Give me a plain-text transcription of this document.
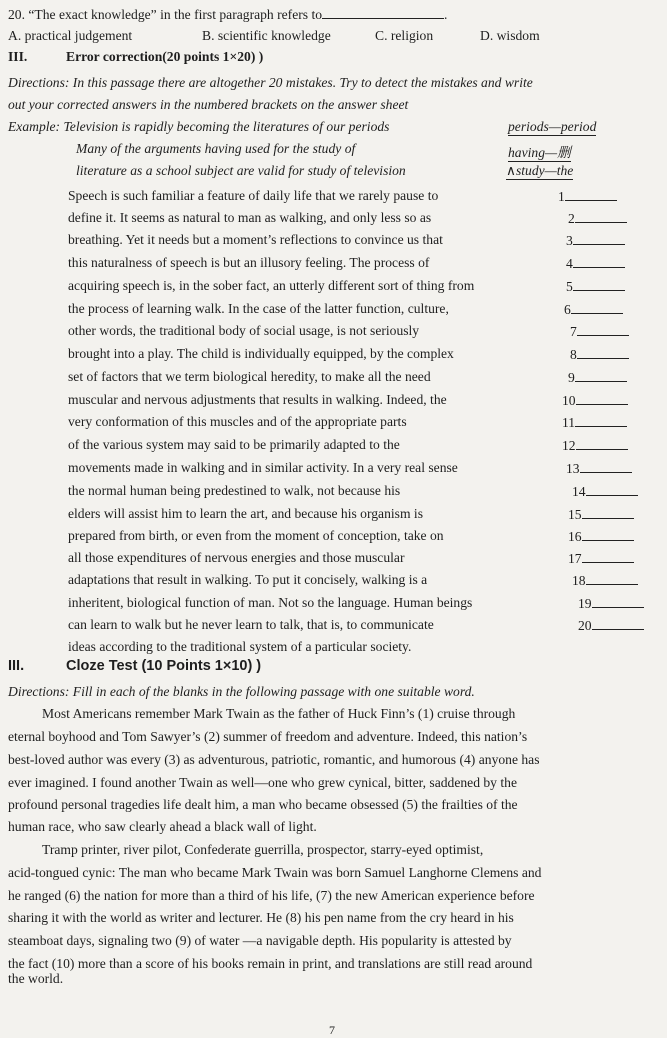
20. “The exact knowledge” in the first paragraph refers to	.
A. practical judgement	B. scientific knowledge	C. religion	D. wisdom
III.	Error correction(20 points 1×20) )
Directions: In this passage there are altogether 20 mistakes. Try to detect the mistakes and write
out your corrected answers in the numbered brackets on the answer sheet
Example: Television is rapidly becoming the literatures of our periods	periods—period
Many of the arguments having used for the study of	having—删
literature as a school subject are valid for study of television	∧study—the
Speech is such familiar a feature of daily life that we rarely pause to	1
define it. It seems as natural to man as walking, and only less so as	2
breathing. Yet it needs but a moment’s reflections to convince us that	3
this naturalness of speech is but an illusory feeling. The process of	4
acquiring speech is, in the sober fact, an utterly different sort of thing from	5
the process of learning walk. In the case of the latter function, culture,	6
other words, the traditional body of social usage, is not seriously	7
brought into a play. The child is individually equipped, by the complex	8
set of factors that we term biological heredity, to make all the need	9
muscular and nervous adjustments that results in walking. Indeed, the	10
very conformation of this muscles and of the appropriate parts	11
of the various system may said to be primarily adapted to the	12
movements made in walking and in similar activity. In a very real sense	13
the normal human being predestined to walk, not because his	14
elders will assist him to learn the art, and because his organism is	15
prepared from birth, or even from the moment of conception, take on	16
all those expenditures of nervous energies and those muscular	17
adaptations that result in walking. To put it concisely, walking is a	18
inheritent, biological function of man. Not so the language. Human beings	19
can learn to walk but he never learn to talk, that is, to communicate	20
ideas according to the traditional system of a particular society.
III.	Cloze Test (10 Points 1×10) )
Directions: Fill in each of the blanks in the following passage with one suitable word.
Most Americans remember Mark Twain as the father of Huck Finn’s (1) cruise through
eternal boyhood and Tom Sawyer’s (2) summer of freedom and adventure. Indeed, this nation’s
best-loved author was every (3) as adventurous, patriotic, romantic, and humorous (4) anyone has
ever imagined. I found another Twain as well—one who grew cynical, bitter, saddened by the
profound personal tragedies life dealt him, a man who became obsessed (5) the frailties of the
human race, who saw clearly ahead a black wall of light.
Tramp printer, river pilot, Confederate guerrilla, prospector, starry-eyed optimist,
acid-tongued cynic: The man who became Mark Twain was born Samuel Langhorne Clemens and
he ranged (6) the nation for more than a third of his life, (7) the new American experience before
sharing it with the world as writer and lecturer. He (8) his pen name from the cry heard in his
steamboat days, signaling two (9) of water —a navigable depth. His popularity is attested by
the fact (10) more than a score of his books remain in print, and translations are still read around
the world.
7
